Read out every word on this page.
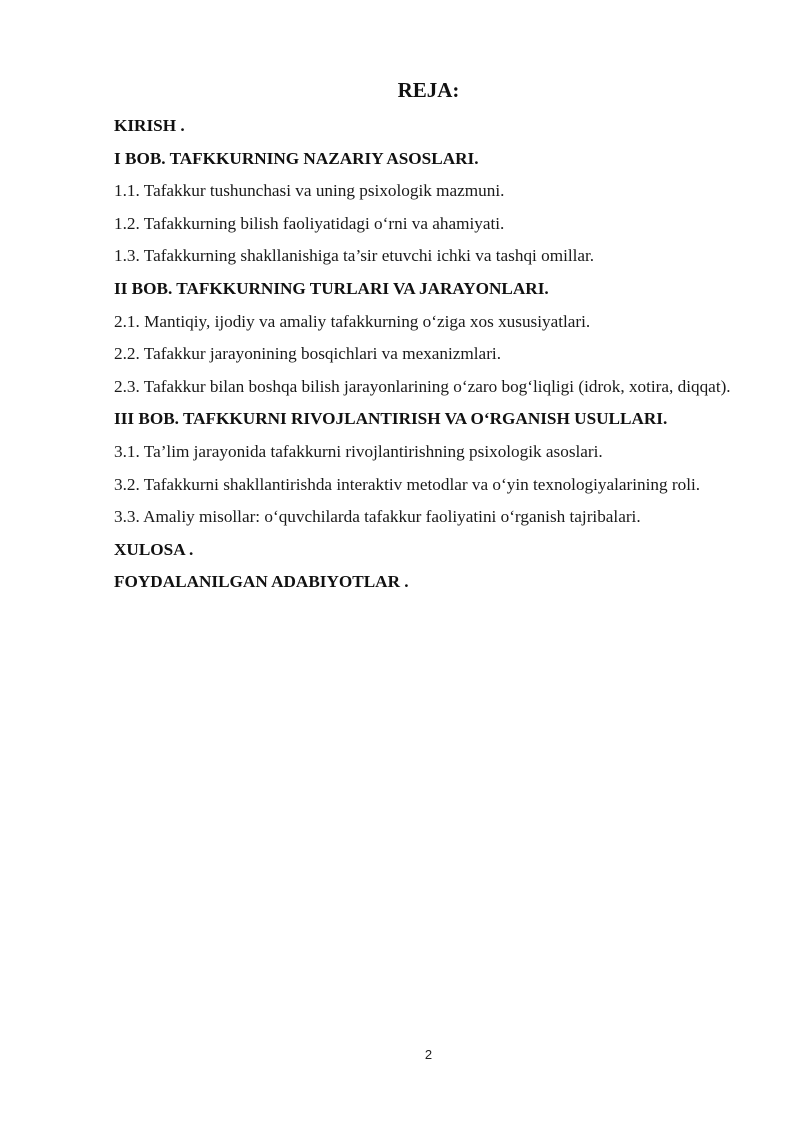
REJA:
KIRISH .
I BOB. TAFKKURNING NAZARIY ASOSLARI.
1.1. Tafakkur tushunchasi va uning psixologik mazmuni.
1.2. Tafakkurning bilish faoliyatidagi o‘rni va ahamiyati.
1.3. Tafakkurning shakllanishiga ta’sir etuvchi ichki va tashqi omillar.
II BOB. TAFKKURNING TURLARI VA JARAYONLARI.
2.1. Mantiqiy, ijodiy va amaliy tafakkurning o‘ziga xos xususiyatlari.
2.2. Tafakkur jarayonining bosqichlari va mexanizmlari.
2.3. Tafakkur bilan boshqa bilish jarayonlarining o‘zaro bog‘liqligi (idrok, xotira, diqqat).
III BOB. TAFKKURNI RIVOJLANTIRISH VA O‘RGANISH USULLARI.
3.1. Ta’lim jarayonida tafakkurni rivojlantirishning psixologik asoslari.
3.2. Tafakkurni shakllantirishda interaktiv metodlar va o‘yin texnologiyalarining roli.
3.3. Amaliy misollar: o‘quvchilarda tafakkur faoliyatini o‘rganish tajribalari.
XULOSA .
FOYDALANILGAN ADABIYOTLAR .
2
